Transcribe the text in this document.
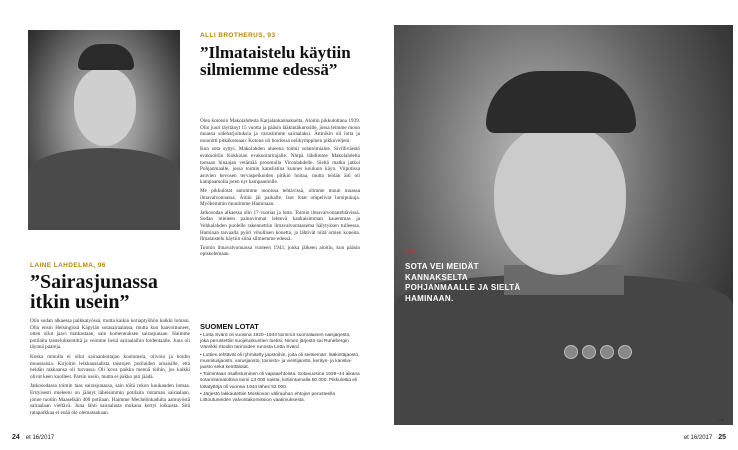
LAINE LAHDELMA, 96
”Sairasjunassa itkin usein”

Olin sodan alkaessa palkkatyössä, mutta kaikin kotiaptyöhön kaikki lomani. Olin ensin Helsingissä Käpylän sotasairaalassa, mutta kun haavoittuneet, otten ollut jaavi matkastaan, sain komennuksen sairasjunaan. Haimme potilaita taisteluhkentiltä ja veimme heitä sairaalaihin loidentaalle. Juna oli täynnä paareja.

Koska minulla ei ollut sairaanhoitajan koulutusta, olivoin ja hoidin muussaisia. Kirjoitin leikkaussalista taistojen potilaiden omaisille, että heidän rakkaansa oli turvassa. Oli kova paikka mennä töihin, jos kaikki olivat keen kuolleet. Parsin usein, mutta ei pakko piti jäädä.

Jatkosodassa toimin taas sairasjunassa, sain töitä rekon kuukauden lomaa. Erityisesti mieleeni on jäänyt läheisimmin potilaita rintaman sairaalaan, jonne tuotiin Maaselkän 400 potilaan. Haimme Mechelinkadulta aamuyöstä sairaalaan vieltävä. Juna lähti sairaalasta mukana kertyi ioikaista. Sitä rataparkkaa ei enää ole olemassakaan.

ALLI BROTHERUS, 93
”Ilmataistelu käytiin silmiemme edessä”

Olen kotoisin Makolahdesta Karjalankannakselta. Aloitin pikkulottana 1939. Olin juuri täyttänyt 15 vuotta ja pääsin lääkintäkurssille, jossa teimme moon muassa sideharjoituksia ja varustimme sairaalaksi. Äitinikin oli lotta ja muonitti pitkäkotoaan. Kotona oli hoidossa nelikymppinen pikkuveljeni.

Kun sota syttyi, Makolahden alueena toimii sotatoimialue. Sivilliväestö evakuoitiin Kokkolan evakuointirajalle. Nhtpä lähdimme Makolahdelta tomaan hinaajan vetämää proomulla Vironlahdelle. Sieltä matka jatkui Pohjanmaalle, jossa toimin kanslistina kunnes kouluun käyn. Viiputissa asuvien hevosen tervaspeikoiden pitikin hoitaa, mutta teidän äiti oli kampaamolla joten nyt kampaamolle.

Me pikkulotat autoimme monissa tehtävissä, olimme muun muassa ilmavalvonnassa. Äitini jäi paikalle. Isot lotat ompelivat lumipukuja. Myöhemmin muutimme Haminaan.

Jatkosodan alkaessa olin 17-vuotias ja lotta. Toimin ilmavalvontatehtävissä. Sodan mieleen painuvinmat lehtevä kaukaisimman kauemmas ja Vehkalahden puolelle rakennettiin ilmavalvontaasema hälytyksen tulleessa. Haminan taivaalla pyöri vihollisen konetta, ja lähtivät niitä omien koneita. Ilmataistelu käytiin siinä silmiemme edessä.

Toimin ilmavalvonnassa vuoteen 1943, jonka jälkeen aloitin, kun pääsin opiskelemaan.

SUOMEN LOTAT
• Lotta Svärd oli vuosina 1920–1944 toiminut suomalainen naisjärjestö, joka perustettiin suojeluskuntien tueksi. Nimen järjestö sai Runebergin Vänrikki Stoolin tarinoiden runosta Lotta Svärd.
• Lottien tehtävät oli ryhmitelty jaostoihin, joita oli seitsemän: lääkintäjaosto, muonitusjaosto, varusjaosto, toimisto- ja viestijaosto, keräys- ja kanslia-jaosto sekä kenttälotat.
• Toimintaan osallistuminen oli vapaaehtoista. Sotavuosina 1939–44 aikana sotarintamalottina toimi 13 000 naista, kotirintamalla 50 000. Pikkulottia eli lottatyttöjä oli vuonna 1944 lähes 52 000.
• Järjestö lakkautettiin Moskovan välirauhan ehtojen perusteella Liittoutuneiden valvontakomission vaatimuksesta.
24 et 16/2017
””
SOTA VEI MEIDÄT KANNAKSELTA POHJANMAALLE JA SIELTÄ HAMINAAN.
→
et 16/2017 25
